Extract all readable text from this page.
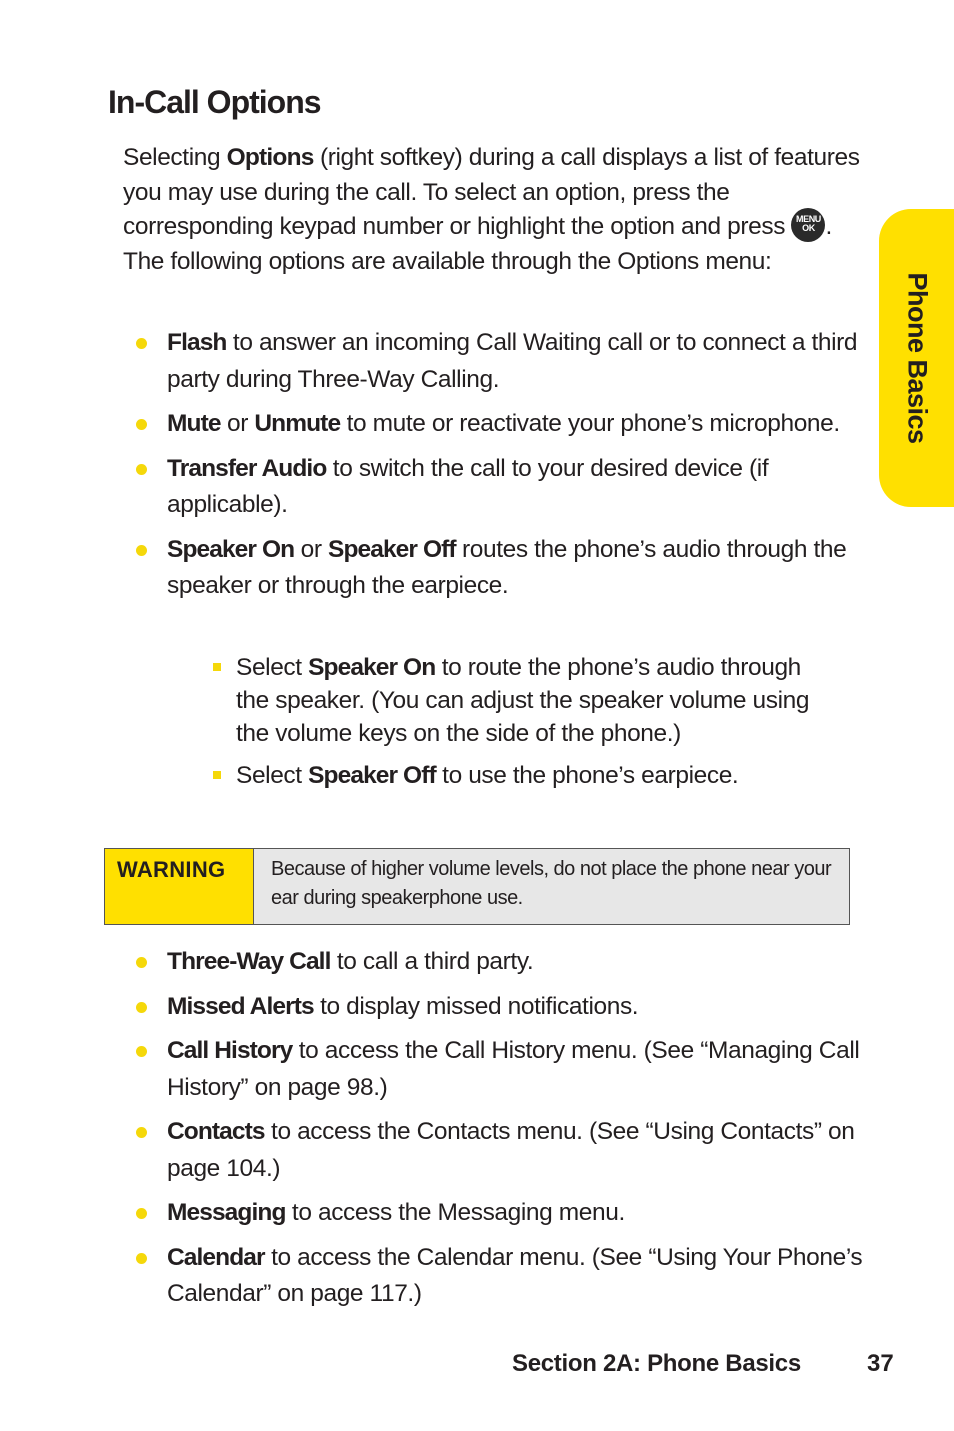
In-Call Options
Selecting Options (right softkey) during a call displays a list of features you may use during the call. To select an option, press the corresponding keypad number or highlight the option and press MENU
OK . The following options are available through the Options menu:
Flash to answer an incoming Call Waiting call or to connect a third party during Three-Way Calling.
Mute or Unmute to mute or reactivate your phone’s microphone.
Transfer Audio to switch the call to your desired device (if applicable).
Speaker On or Speaker Off routes the phone’s audio through the speaker or through the earpiece.
Select Speaker On to route the phone’s audio through the speaker. (You can adjust the speaker volume using the volume keys on the side of the phone.)
Select Speaker Off to use the phone’s earpiece.
WARNING	Because of higher volume levels, do not place the phone near your ear during speakerphone use.
Three-Way Call to call a third party.
Missed Alerts to display missed notifications.
Call History to access the Call History menu. (See “Managing Call History” on page 98.)
Contacts to access the Contacts menu. (See “Using Contacts” on page 104.)
Messaging to access the Messaging menu.
Calendar to access the Calendar menu. (See “Using Your Phone’s Calendar” on page 117.)
Phone Basics
Section 2A: Phone Basics	37
